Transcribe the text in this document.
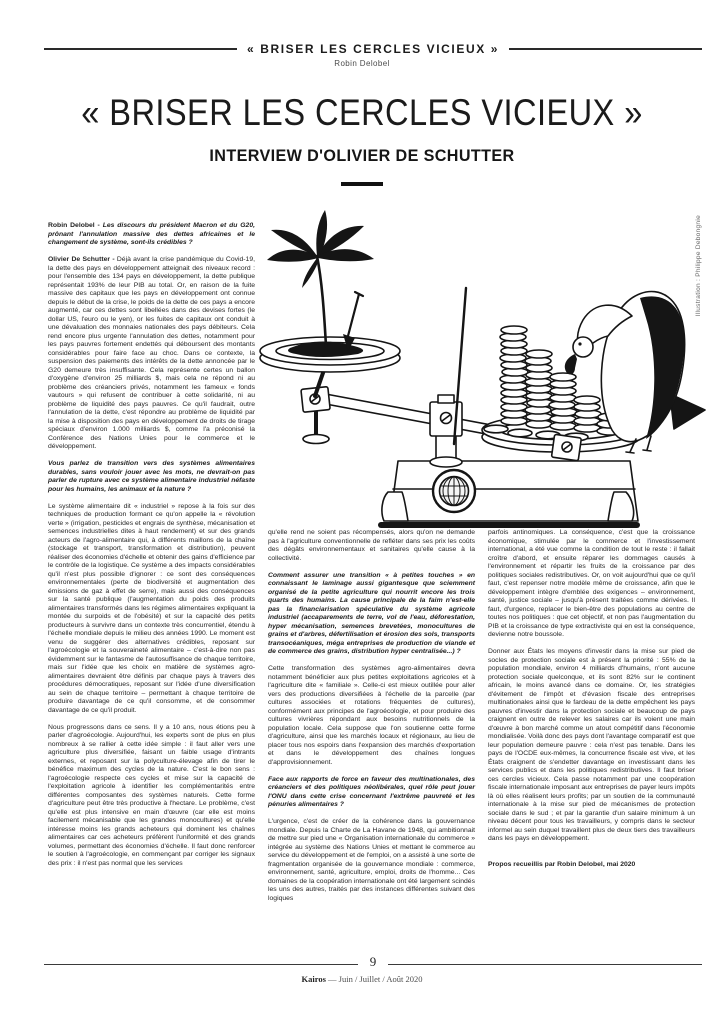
« BRISER LES CERCLES VICIEUX »
Robin Delobel
« BRISER LES CERCLES VICIEUX »
INTERVIEW D'OLIVIER DE SCHUTTER
Illustration : Philippe Debongnie

Robin Delobel - Les discours du président Macron et du G20, prônant l'annulation massive des dettes africaines et le changement de système, sont-ils crédibles ?

Olivier De Schutter - Déjà avant la crise pandémique du Covid-19, la dette des pays en développement atteignait des niveaux record : pour l'ensemble des 134 pays en développement, la dette publique représentait 193% de leur PIB au total. Or, en raison de la fuite massive des capitaux que les pays en développement ont connue depuis le début de la crise, le poids de la dette de ces pays a encore augmenté, car ces dettes sont libellées dans des devises fortes (le dollar US, l'euro ou le yen), or les fuites de capitaux ont conduit à une dévaluation des monnaies nationales des pays débiteurs. Cela rend encore plus urgente l'annulation des dettes, notamment pour les pays pauvres fortement endettés qui déboursent des montants considérables pour faire face au choc. Dans ce contexte, la suspension des paiements des intérêts de la dette annoncée par le G20 demeure très insuffisante. Cela représente certes un ballon d'oxygène d'environ 25 milliards $, mais cela ne répond ni au problème des créanciers privés, notamment les fameux « fonds vautours » qui refusent de contribuer à cette solidarité, ni au problème de liquidité des pays pauvres. Ce qu'il faudrait, outre l'annulation de la dette, c'est répondre au problème de liquidité par la mise à disposition des pays en développement de droits de tirage spéciaux d'environ 1.000 milliards $, comme l'a préconisé la Conférence des Nations Unies pour le commerce et le développement.

Vous parlez de transition vers des systèmes alimentaires durables, sans vouloir jouer avec les mots, ne devrait-on pas parler de rupture avec ce système alimentaire industriel néfaste pour les humains, les animaux et la nature ?

Le système alimentaire dit « industriel » repose à la fois sur des techniques de production formant ce qu'on appelle la « révolution verte » (irrigation, pesticides et engrais de synthèse, mécanisation et semences industrielles dites à haut rendement) et sur des grands acteurs de l'agro-alimentaire qui, à différents maillons de la chaîne (stockage et transport, transformation et distribution), peuvent réaliser des économies d'échelle et obtenir des gains d'efficience par le contrôle de la logistique. Ce système a des impacts considérables qu'il n'est plus possible d'ignorer : ce sont des conséquences environnementales (perte de biodiversité et augmentation des émissions de gaz à effet de serre), mais aussi des conséquences sur la santé publique (l'augmentation du poids des produits alimentaires transformés dans les régimes alimentaires expliquant la montée du surpoids et de l'obésité) et sur la capacité des petits producteurs à survivre dans un contexte très concurrentiel, étendu à l'échelle mondiale depuis le milieu des années 1990. Le moment est venu de suggérer des alternatives crédibles, reposant sur l'agroécologie et la souveraineté alimentaire – c'est-à-dire non pas évidemment sur le fantasme de l'autosuffisance de chaque territoire, mais sur l'idée que les choix en matière de systèmes agro-alimentaires devraient être définis par chaque pays à travers des procédures démocratiques, reposant sur l'idée d'une diversification au sein de chaque territoire – permettant à chaque territoire de produire davantage de ce qu'il consomme, et de consommer davantage de ce qu'il produit.

Nous progressons dans ce sens. Il y a 10 ans, nous étions peu à parler d'agroécologie. Aujourd'hui, les experts sont de plus en plus nombreux à se rallier à cette idée simple : il faut aller vers une agriculture plus diversifiée, faisant un faible usage d'intrants externes, et reposant sur la polyculture-élevage afin de tirer le bénéfice maximum des cycles de la nature. C'est le bon sens : l'agroécologie respecte ces cycles et mise sur la capacité de l'exploitation agricole à identifier les complémentarités entre différentes composantes des systèmes naturels. Cette forme d'agriculture peut être très productive à l'hectare. Le problème, c'est qu'elle est plus intensive en main d'œuvre (car elle est moins facilement mécanisable que les grandes monocultures) et qu'elle intéresse moins les grands acheteurs qui dominent les chaînes alimentaires car ces acheteurs préfèrent l'uniformité et des grands volumes, permettant des économies d'échelle. Il faut donc renforcer le soutien à l'agroécologie, en commençant par corriger les signaux des prix : il n'est pas normal que les services

qu'elle rend ne soient pas récompensés, alors qu'on ne demande pas à l'agriculture conventionnelle de refléter dans ses prix les coûts des dégâts environnementaux et sanitaires qu'elle cause à la collectivité.

Comment assurer une transition « à petites touches » en connaissant le laminage aussi gigantesque que sciemment organisé de la petite agriculture qui nourrit encore les trois quarts des humains. La cause principale de la faim n'est-elle pas la financiarisation spéculative du système agricole industriel (accaparements de terre, vol de l'eau, déforestation, hyper mécanisation, semences brevetées, monocultures de grains et d'arbres, défertilisation et érosion des sols, transports transocéaniques, méga entreprises de production de viande et de commerce des grains, distribution hyper centralisée...) ?

Cette transformation des systèmes agro-alimentaires devra notamment bénéficier aux plus petites exploitations agricoles et à l'agriculture dite « familiale ». Celle-ci est mieux outillée pour aller vers des productions diversifiées à l'échelle de la parcelle (par cultures associées et rotations fréquentes de cultures), conformément aux principes de l'agroécologie, et pour produire des cultures vivrières répondant aux besoins nutritionnels de la population locale. Cela suppose que l'on soutienne cette forme d'agriculture, ainsi que les marchés locaux et régionaux, au lieu de placer tous nos espoirs dans l'expansion des marchés d'exportation et dans le développement des chaînes longues d'approvisionnement.

Face aux rapports de force en faveur des multinationales, des créanciers et des politiques néolibérales, quel rôle peut jouer l'ONU dans cette crise concernant l'extrême pauvreté et les pénuries alimentaires ?

L'urgence, c'est de créer de la cohérence dans la gouvernance mondiale. Depuis la Charte de La Havane de 1948, qui ambitionnait de mettre sur pied une « Organisation internationale du commerce » intégrée au système des Nations Unies et mettant le commerce au service du développement et de l'emploi, on a assisté à une sorte de fragmentation organisée de la gouvernance mondiale : commerce, environnement, santé, agriculture, emploi, droits de l'homme... Ces domaines de la coopération internationale ont été largement scindés les uns des autres, traités par des instances différentes suivant des logiques

parfois antinomiques. La conséquence, c'est que la croissance économique, stimulée par le commerce et l'investissement international, a été vue comme la condition de tout le reste : il fallait croître d'abord, et ensuite réparer les dommages causés à l'environnement et répartir les fruits de la croissance par des politiques sociales redistributives. Or, on voit aujourd'hui que ce qu'il faut, c'est repenser notre modèle même de croissance, afin que le développement intègre d'emblée des exigences – environnement, santé, justice sociale – jusqu'à présent traitées comme dérivées. Il faut, d'urgence, replacer le bien-être des populations au centre de toutes nos politiques : que cet objectif, et non pas l'augmentation du PIB et la croissance de type extractiviste qui en est la conséquence, devienne notre boussole.

Donner aux États les moyens d'investir dans la mise sur pied de socles de protection sociale est à présent la priorité : 55% de la population mondiale, environ 4 milliards d'humains, n'ont aucune protection sociale quelconque, et ils sont 82% sur le continent africain, le moins avancé dans ce domaine. Or, les stratégies d'évitement de l'impôt et d'évasion fiscale des entreprises multinationales ainsi que le fardeau de la dette empêchent les pays pauvres d'investir dans la protection sociale et beaucoup de pays craignent en outre de relever les salaires car ils voient une main d'œuvre à bon marché comme un atout compétitif dans l'économie mondialisée. Voilà donc des pays dont l'avantage comparatif est que leur population demeure pauvre : cela n'est pas tenable. Dans les pays de l'OCDE eux-mêmes, la concurrence fiscale est vive, et les États craignent de s'endetter davantage en investissant dans les services publics et dans les politiques redistributives. Il faut briser ces cercles vicieux. Cela passe notamment par une coopération fiscale internationale imposant aux entreprises de payer leurs impôts là où elles réalisent leurs profits; par un soutien de la communauté internationale à la mise sur pied de mécanismes de protection sociale dans le sud ; et par la garantie d'un salaire minimum à un niveau décent pour tous les travailleurs, y compris dans le secteur informel au sein duquel travaillent plus de deux tiers des travailleurs dans les pays en développement.

Propos recueillis par Robin Delobel, mai 2020

9
Kairos — Juin / Juillet / Août 2020
